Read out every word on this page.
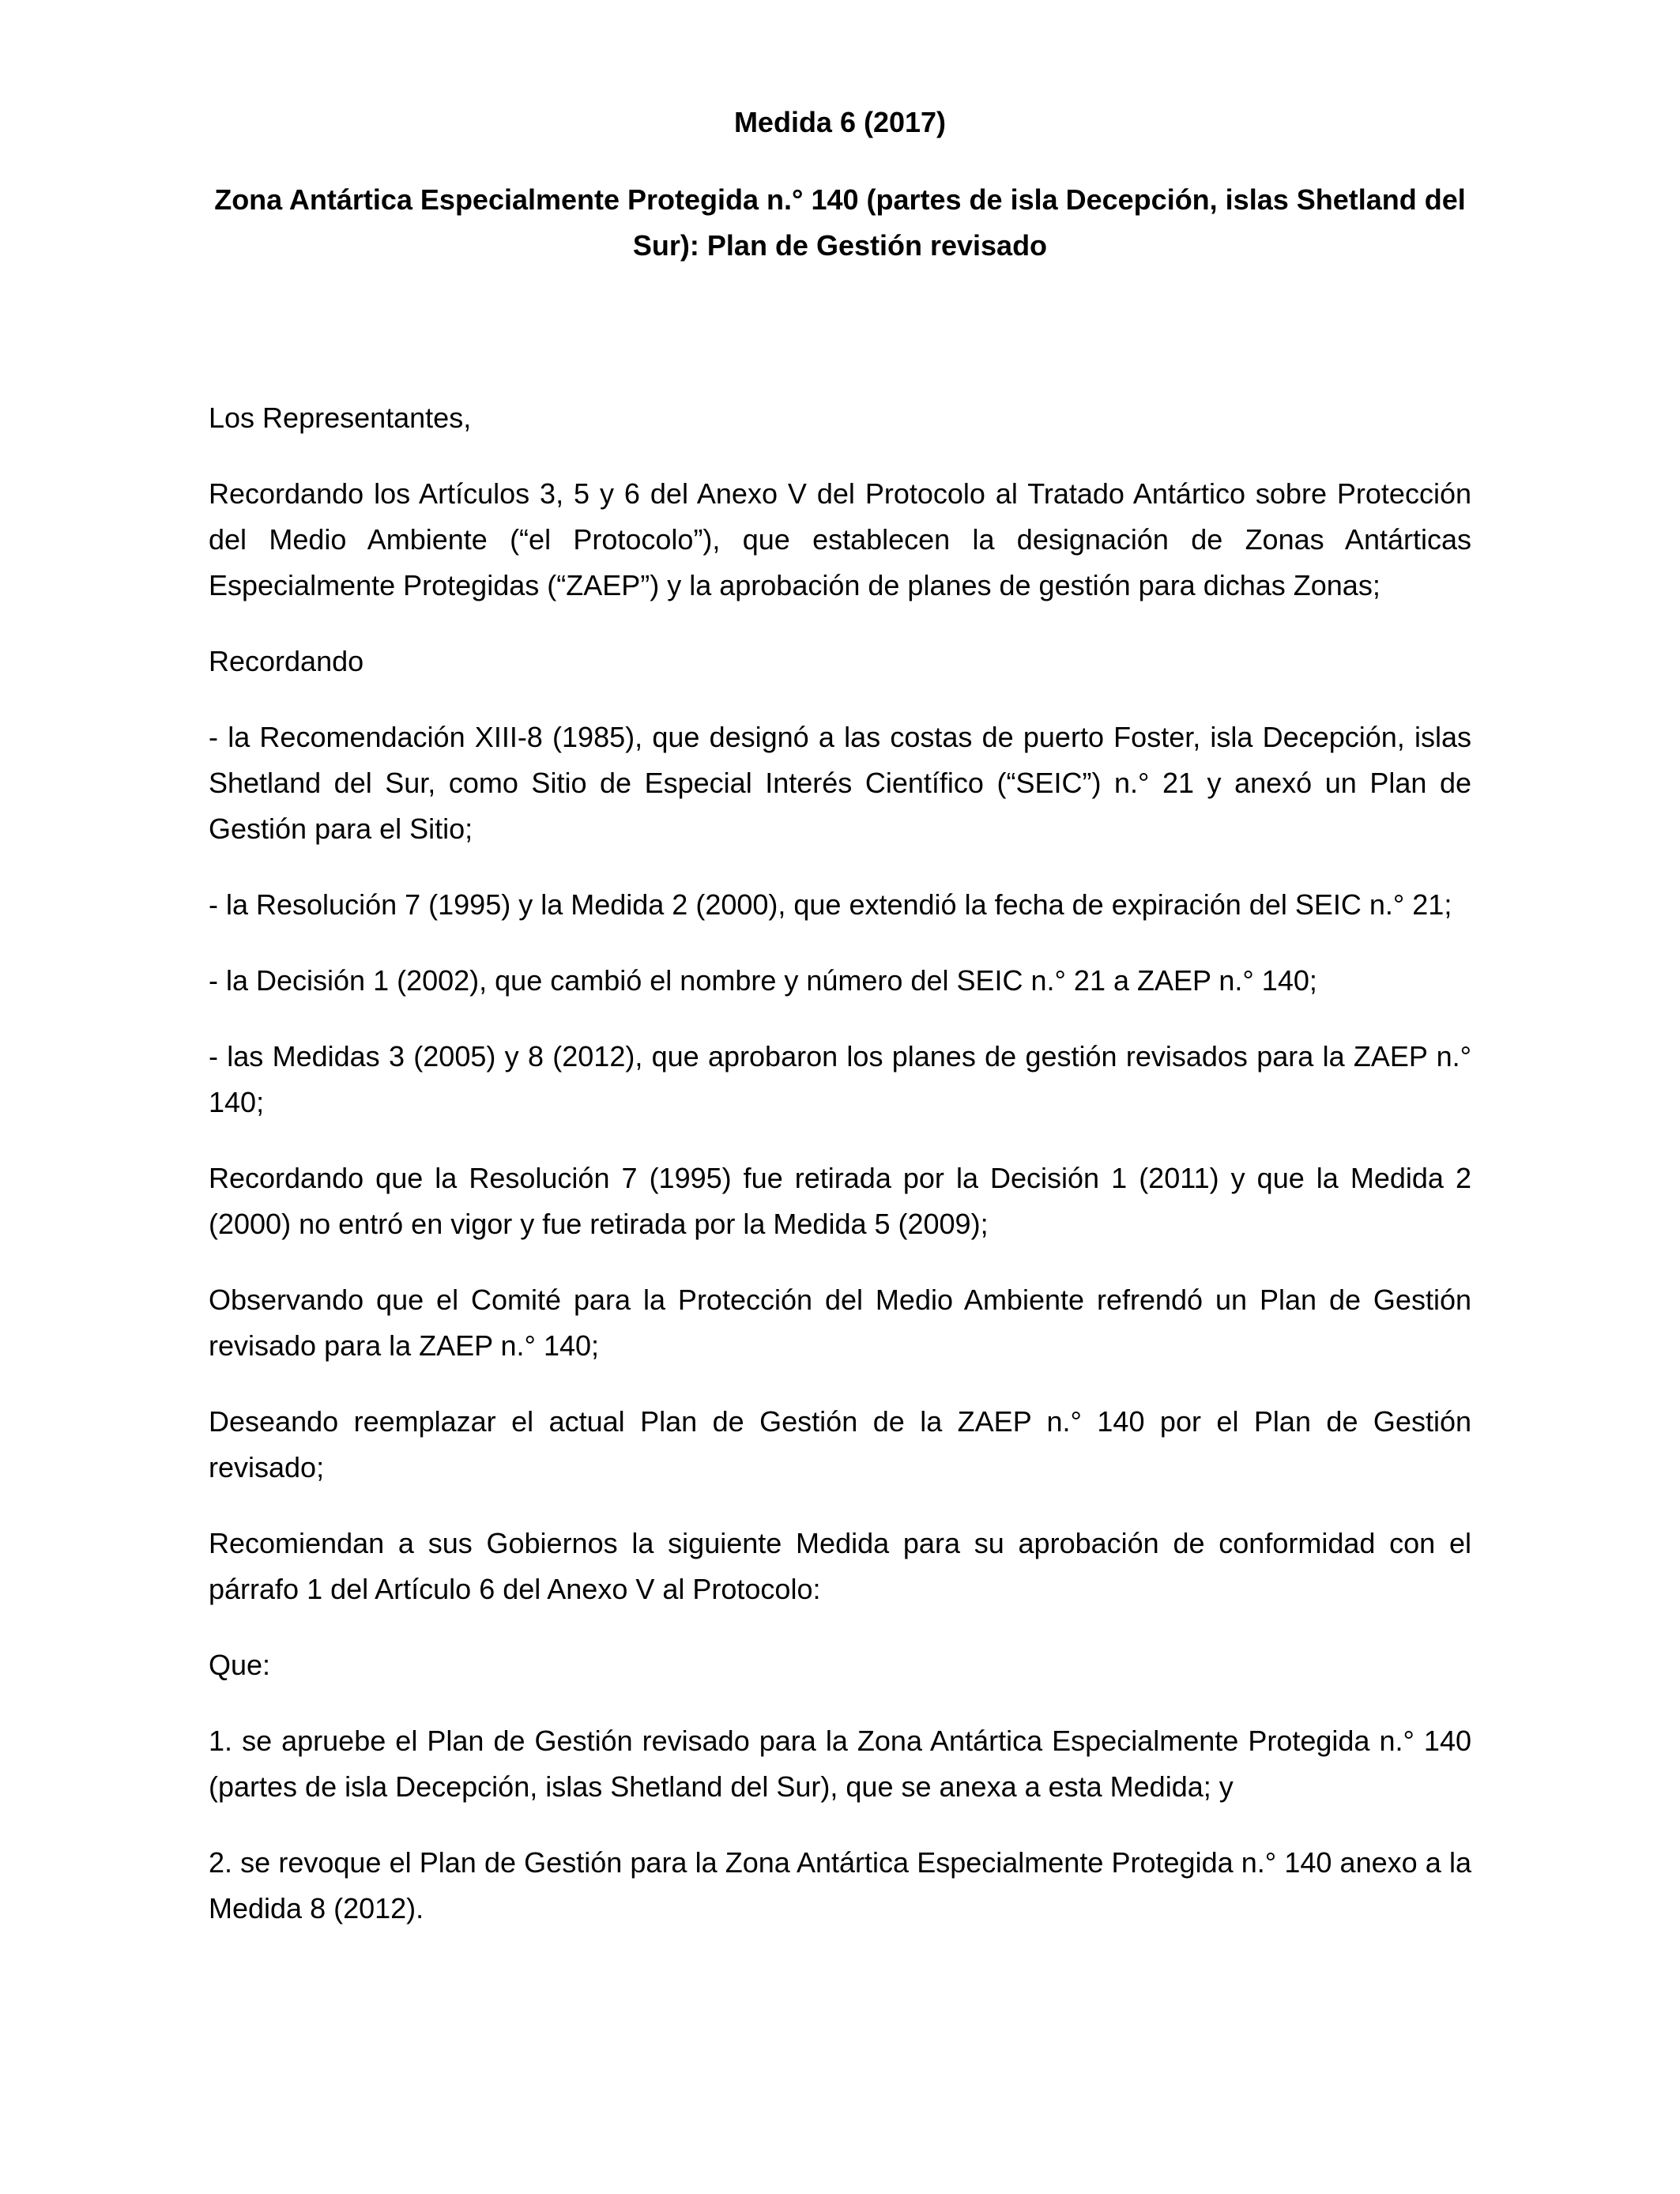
Medida 6 (2017)
Zona Antártica Especialmente Protegida n.° 140 (partes de isla Decepción, islas Shetland del Sur): Plan de Gestión revisado

Los Representantes,

Recordando los Artículos 3, 5 y 6 del Anexo V del Protocolo al Tratado Antártico sobre Protección del Medio Ambiente (“el Protocolo”), que establecen la designación de Zonas Antárticas Especialmente Protegidas (“ZAEP”) y la aprobación de planes de gestión para dichas Zonas;

Recordando

- la Recomendación XIII-8 (1985), que designó a las costas de puerto Foster, isla Decepción, islas Shetland del Sur, como Sitio de Especial Interés Científico (“SEIC”) n.° 21 y anexó un Plan de Gestión para el Sitio;

- la Resolución 7 (1995) y la Medida 2 (2000), que extendió la fecha de expiración del SEIC n.° 21;

- la Decisión 1 (2002), que cambió el nombre y número del SEIC n.° 21 a ZAEP n.° 140;

- las Medidas 3 (2005) y 8 (2012), que aprobaron los planes de gestión revisados para la ZAEP n.° 140;

Recordando que la Resolución 7 (1995) fue retirada por la Decisión 1 (2011) y que la Medida 2 (2000) no entró en vigor y fue retirada por la Medida 5 (2009);

Observando que el Comité para la Protección del Medio Ambiente refrendó un Plan de Gestión revisado para la ZAEP n.° 140;

Deseando reemplazar el actual Plan de Gestión de la ZAEP n.° 140 por el Plan de Gestión revisado;

Recomiendan a sus Gobiernos la siguiente Medida para su aprobación de conformidad con el párrafo 1 del Artículo 6 del Anexo V al Protocolo:

Que:

1. se apruebe el Plan de Gestión revisado para la Zona Antártica Especialmente Protegida n.° 140 (partes de isla Decepción, islas Shetland del Sur), que se anexa a esta Medida; y

2. se revoque el Plan de Gestión para la Zona Antártica Especialmente Protegida n.° 140 anexo a la Medida 8 (2012).
